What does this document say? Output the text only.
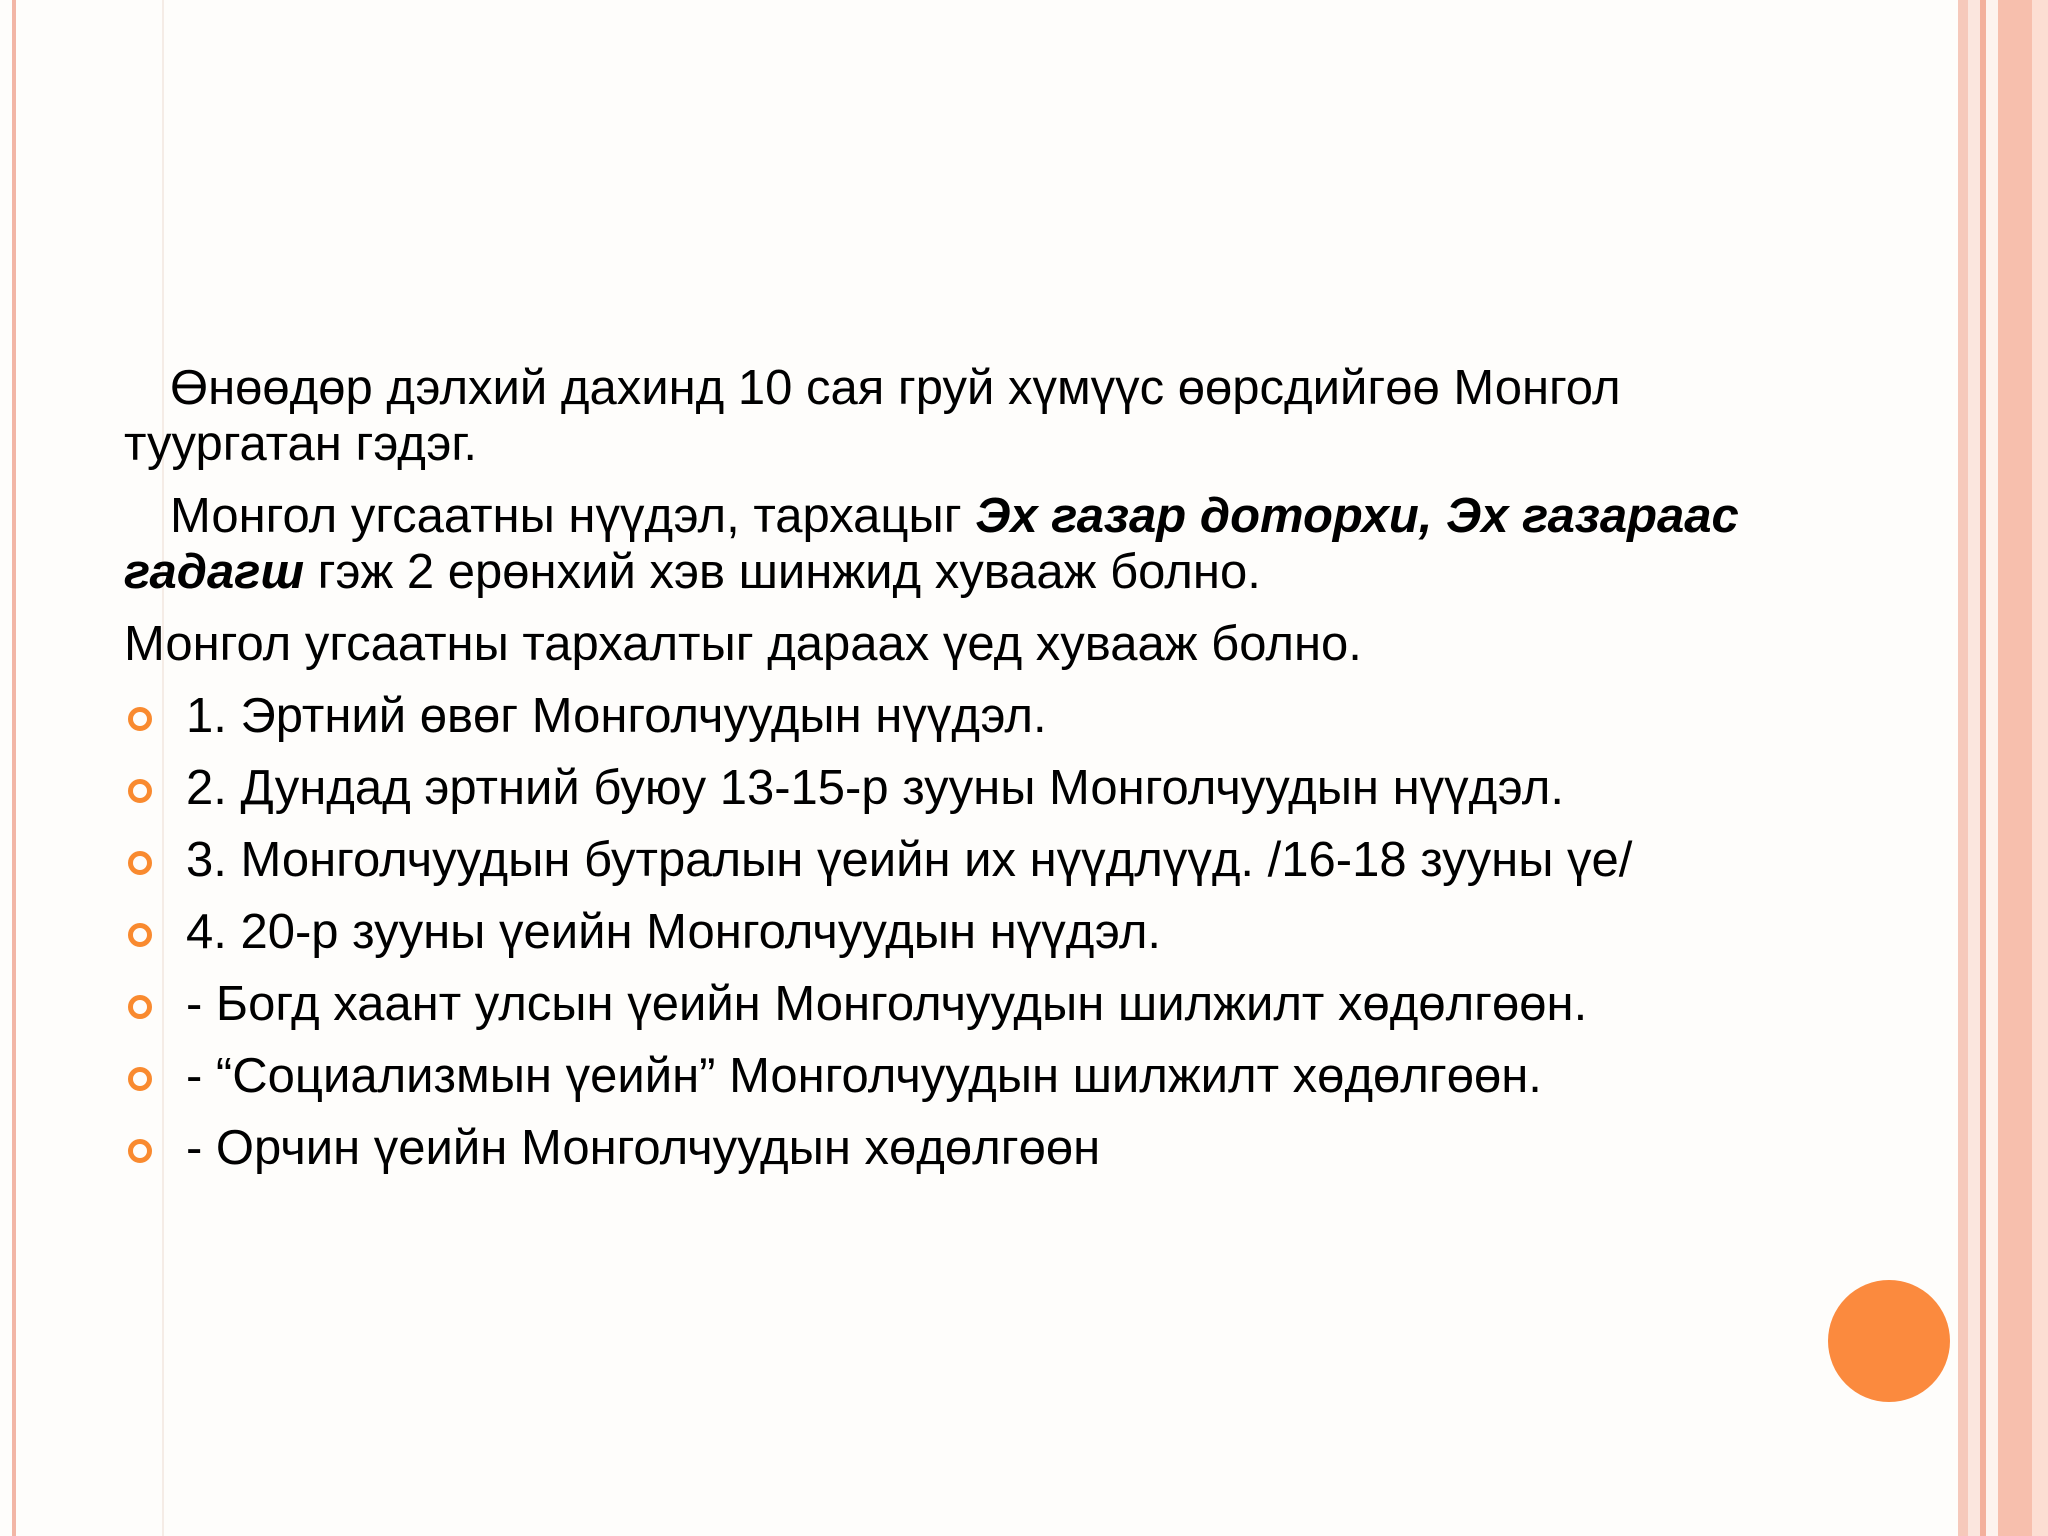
Өнөөдөр дэлхий дахинд 10 сая груй хүмүүс өөрсдийгөө Монгол туургатан гэдэг.

Монгол угсаатны нүүдэл, тархацыг Эх газар доторхи, Эх газараас гадагш гэж 2 ерөнхий хэв шинжид хувааж болно.

Монгол угсаатны тархалтыг дараах үед хувааж болно.

1. Эртний өвөг Монголчуудын нүүдэл.
2. Дундад эртний буюу 13-15-р зууны Монголчуудын нүүдэл.
3. Монголчуудын бутралын үеийн их нүүдлүүд. /16-18 зууны үе/
4. 20-р зууны үеийн Монголчуудын нүүдэл.
- Богд хаант улсын үеийн Монголчуудын шилжилт хөдөлгөөн.
- “Социализмын үеийн” Монголчуудын шилжилт хөдөлгөөн.
- Орчин үеийн Монголчуудын хөдөлгөөн
